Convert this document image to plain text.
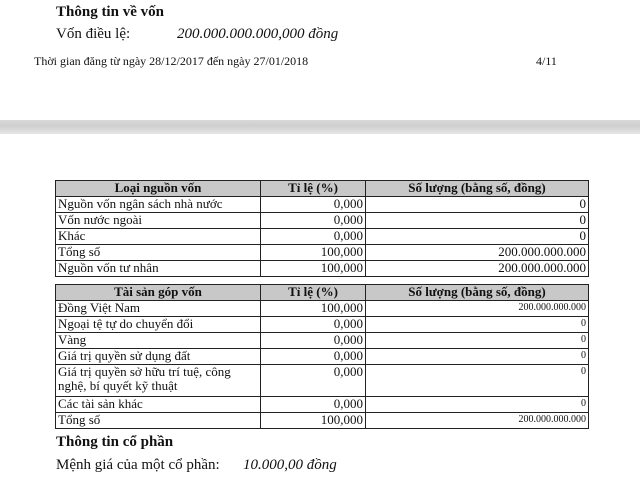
Thông tin về vốn
Vốn điều lệ:	200.000.000.000,000 đồng
Thời gian đăng từ ngày 28/12/2017 đến ngày 27/01/2018	4/11
Loại nguồn vốn	Tỉ lệ (%)	Số lượng (bằng số, đồng)
Nguồn vốn ngân sách nhà nước	0,000	0
Vốn nước ngoài	0,000	0
Khác	0,000	0
Tổng số	100,000	200.000.000.000
Nguồn vốn tư nhân	100,000	200.000.000.000
Tài sản góp vốn	Tỉ lệ (%)	Số lượng (bằng số, đồng)
Đồng Việt Nam	100,000	200.000.000.000
Ngoại tệ tự do chuyển đổi	0,000	0
Vàng	0,000	0
Giá trị quyền sử dụng đất	0,000	0
Giá trị quyền sở hữu trí tuệ, công nghệ, bí quyết kỹ thuật	0,000	0
Các tài sản khác	0,000	0
Tổng số	100,000	200.000.000.000
Thông tin cổ phần
Mệnh giá của một cổ phần: 10.000,00 đồng
